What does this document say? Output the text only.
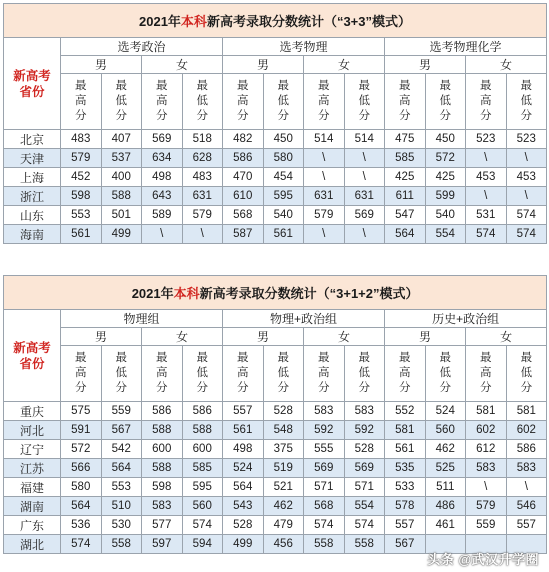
2021年本科新高考录取分数统计（“3+3”模式）												
新高考省份	选考政治				选考物理				选考物理化学			
	男		女		男		女		男		女	
	最高分	最低分	最高分	最低分	最高分	最低分	最高分	最低分	最高分	最低分	最高分	最低分
北京	483	407	569	518	482	450	514	514	475	450	523	523
天津	579	537	634	628	586	580	\	\	585	572	\	\
上海	452	400	498	483	470	454	\	\	425	425	453	453
浙江	598	588	643	631	610	595	631	631	611	599	\	\
山东	553	501	589	579	568	540	579	569	547	540	531	574
海南	561	499	\	\	587	561	\	\	564	554	574	574
2021年本科新高考录取分数统计（“3+1+2”模式）												
新高考省份	物理组				物理+政治组				历史+政治组			
	男		女		男		女		男		女	
	最高分	最低分	最高分	最低分	最高分	最低分	最高分	最低分	最高分	最低分	最高分	最低分
重庆	575	559	586	586	557	528	583	583	552	524	581	581
河北	591	567	588	588	561	548	592	592	581	560	602	602
辽宁	572	542	600	600	498	375	555	528	561	462	612	586
江苏	566	564	588	585	524	519	569	569	535	525	583	583
福建	580	553	598	595	564	521	571	571	533	511	\	\
湖南	564	510	583	560	543	462	568	554	578	486	579	546
广东	536	530	577	574	528	479	574	574	557	461	559	557
湖北	574	558	597	594	499	456	558	558	567			
头条 @武汉升学圈
